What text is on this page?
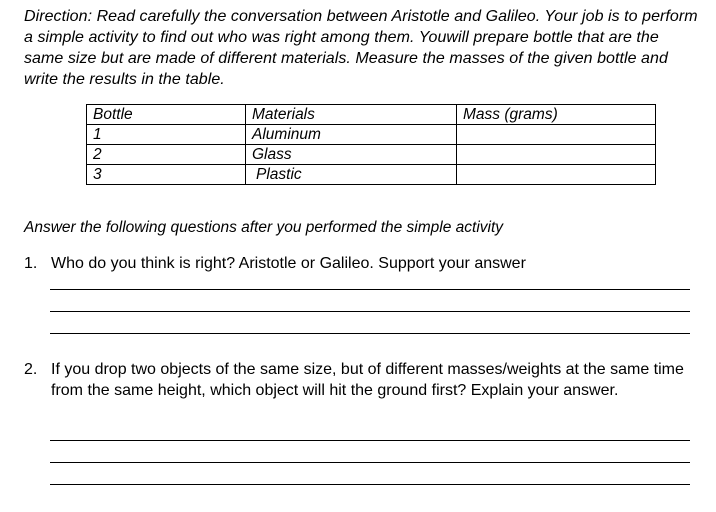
Direction: Read carefully the conversation between Aristotle and Galileo. Your job is to perform a simple activity to find out who was right among them. Youwill prepare bottle that are the same size but are made of different materials. Measure the masses of the given bottle and write the results in the table.

Bottle	Materials	Mass (grams)
1	Aluminum	
2	Glass	
3	Plastic	

Answer the following questions after you performed the simple activity

1. Who do you think is right? Aristotle or Galileo. Support your answer
2. If you drop two objects of the same size, but of different masses/weights at the same time from the same height, which object will hit the ground first? Explain your answer.
